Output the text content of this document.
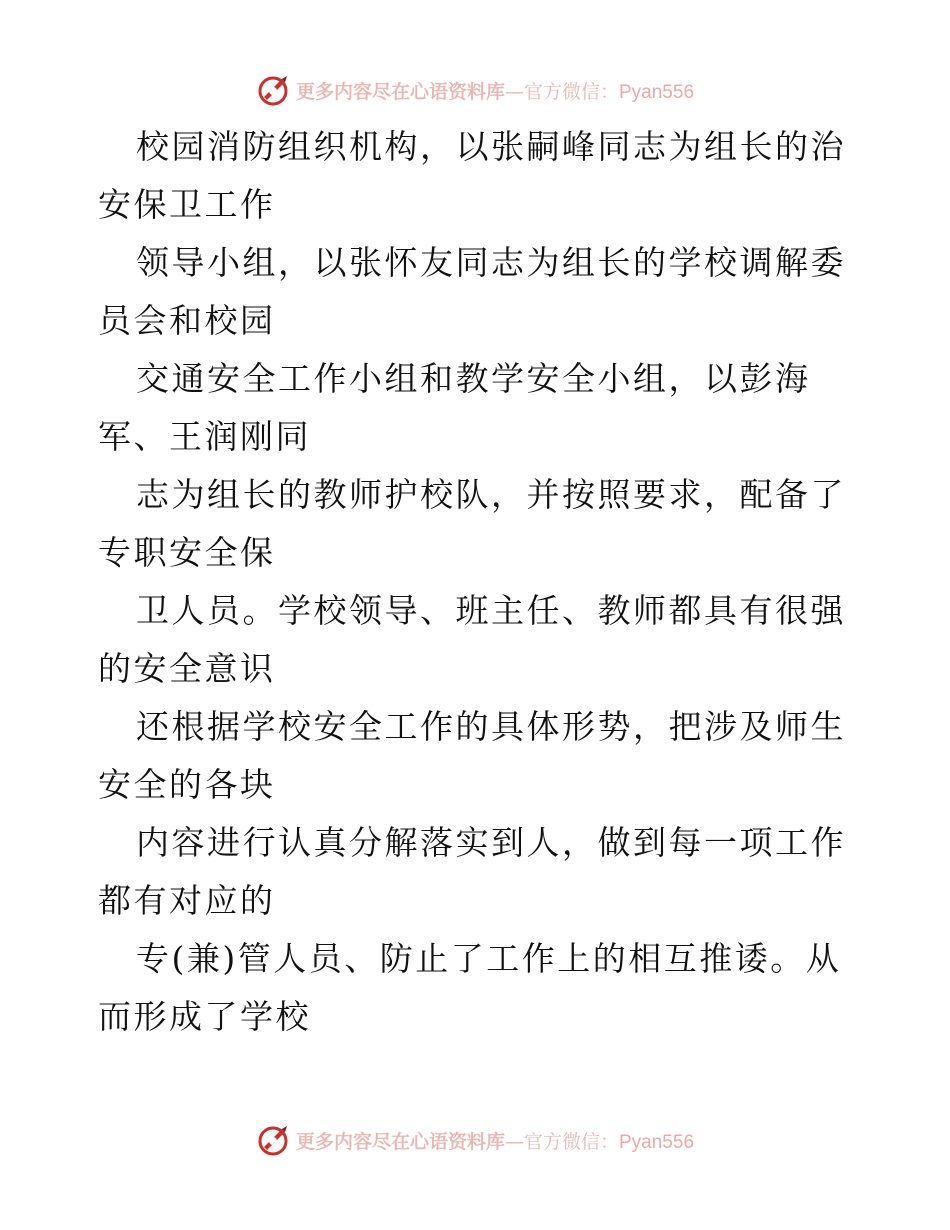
更多内容尽在心语资料库 — 官方微信： Pyan556

校园消防组织机构，以张嗣峰同志为组长的治安保卫工作

领导小组，以张怀友同志为组长的学校调解委员会和校园

交通安全工作小组和教学安全小组，以彭海军、王润刚同

志为组长的教师护校队，并按照要求，配备了专职安全保

卫人员。学校领导、班主任、教师都具有很强的安全意识

还根据学校安全工作的具体形势，把涉及师生安全的各块

内容进行认真分解落实到人，做到每一项工作都有对应的

专(兼)管人员、防止了工作上的相互推诿。从而形成了学校

更多内容尽在心语资料库 — 官方微信： Pyan556
